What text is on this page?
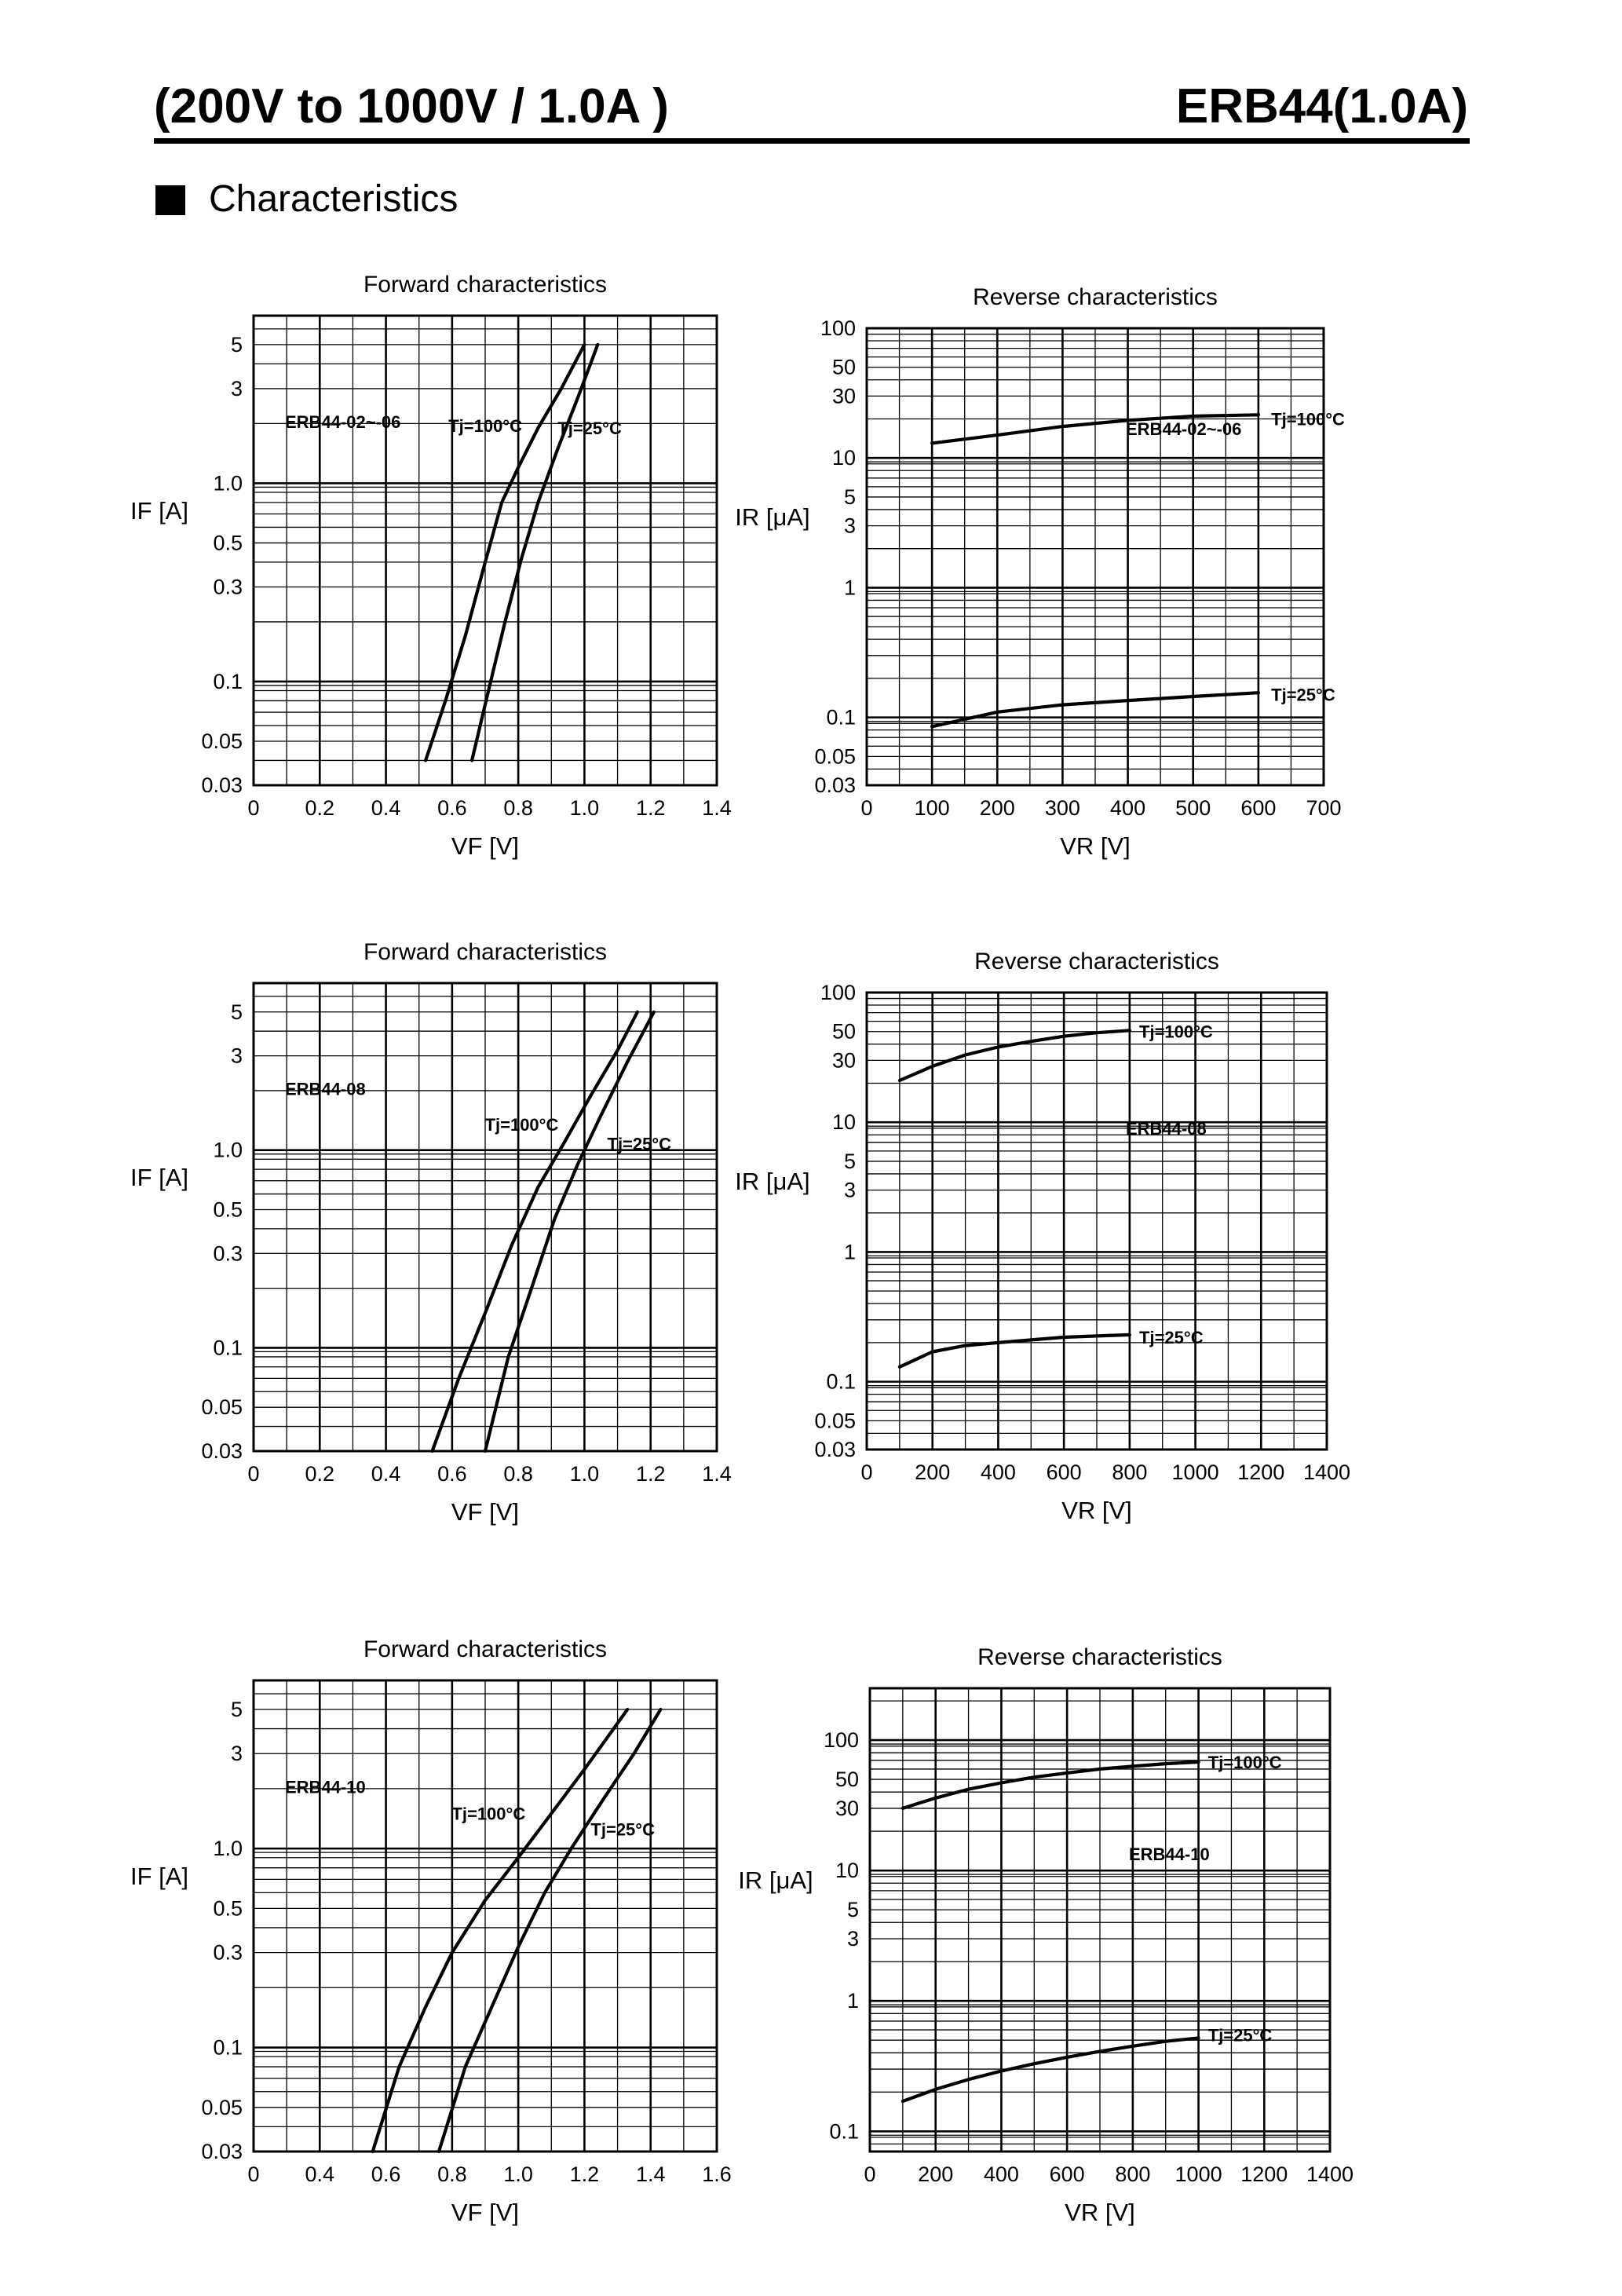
(200V to 1000V / 1.0A )	ERB44(1.0A)
Characteristics
Forward characteristics
0 0.2 0.4 0.6 0.8 1.0 1.2 1.4
5
3
1.0
0.5
0.3
0.1
0.05
0.03
VF [V]
IF [A]
ERB44-02~-06	Tj=100°C Tj=25°C
Reverse characteristics
0 100 200 300 400 500 600 700
100
50
30
10
5
3
1
0.1
0.05
0.03
VR [V]
IR [μA]
ERB44-02~-06
Tj=100°C
Tj=25°C
Forward characteristics
0 0.2 0.4 0.6 0.8 1.0 1.2 1.4
5
3
1.0
0.5
0.3
0.1
0.05
0.03
VF [V]
IF [A]
ERB44-08
Tj=100°C
Tj=25°C
Reverse characteristics
0 200 400 600 800 1000 1200 1400
100
50
30
10
5
3
1
0.1
0.05
0.03
VR [V]
IR [μA]
ERB44-08
Tj=100°C
Tj=25°C
Forward characteristics
0 0.4 0.6 0.8 1.0 1.2 1.4 1.6
5
3
1.0
0.5
0.3
0.1
0.05
0.03
VF [V]
IF [A]
ERB44-10
Tj=100°C
Tj=25°C
Reverse characteristics
0 200 400 600 800 1000 1200 1400
100
50
30
10
5
3
1
0.1
VR [V]
IR [μA]
ERB44-10
Tj=100°C
Tj=25°C
